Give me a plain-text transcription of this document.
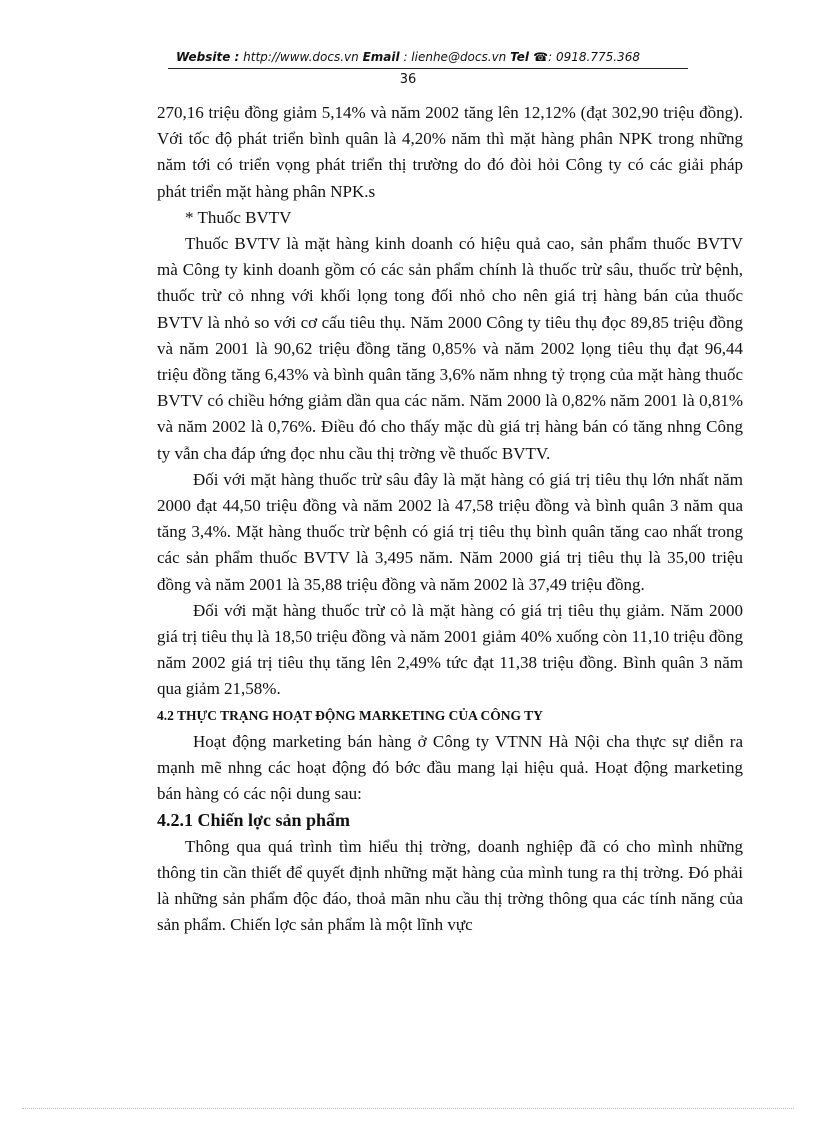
Website : http://www.docs.vn Email : lienhe@docs.vn Tel ☎: 0918.775.368
36

270,16 triệu đồng giảm 5,14% và năm 2002 tăng lên 12,12% (đạt 302,90 triệu đồng). Với tốc độ phát triển bình quân là 4,20% năm thì mặt hàng phân NPK trong những năm tới có triển vọng phát triển thị trường do đó đòi hỏi Công ty có các giải pháp phát triển mặt hàng phân NPK.s

* Thuốc BVTV

Thuốc BVTV là mặt hàng kinh doanh có hiệu quả cao, sản phẩm thuốc BVTV mà Công ty kinh doanh gồm có các sản phẩm chính là thuốc trừ sâu, thuốc trừ bệnh, thuốc trừ cỏ nhng với khối lọng tong đối nhỏ cho nên giá trị hàng bán của thuốc BVTV là nhỏ so với cơ cấu tiêu thụ. Năm 2000 Công ty tiêu thụ đọc 89,85 triệu đồng và năm 2001 là 90,62 triệu đồng tăng 0,85% và năm 2002 lọng tiêu thụ đạt 96,44 triệu đồng tăng 6,43% và bình quân tăng 3,6% năm nhng tỷ trọng của mặt hàng thuốc BVTV có chiều hớng giảm dần qua các năm. Năm 2000 là 0,82% năm 2001 là 0,81% và năm 2002 là 0,76%. Điều đó cho thấy mặc dù giá trị hàng bán có tăng nhng Công ty vẫn cha đáp ứng đọc nhu cầu thị trờng về thuốc BVTV.

Đối với mặt hàng thuốc trừ sâu đây là mặt hàng có giá trị tiêu thụ lớn nhất năm 2000 đạt 44,50 triệu đồng và năm 2002 là 47,58 triệu đồng và bình quân 3 năm qua tăng 3,4%. Mặt hàng thuốc trừ bệnh có giá trị tiêu thụ bình quân tăng cao nhất trong các sản phẩm thuốc BVTV là 3,495 năm. Năm 2000 giá trị tiêu thụ là 35,00 triệu đồng và năm 2001 là 35,88 triệu đồng và năm 2002 là 37,49 triệu đồng.

Đối với mặt hàng thuốc trừ cỏ là mặt hàng có giá trị tiêu thụ giảm. Năm 2000 giá trị tiêu thụ là 18,50 triệu đồng và năm 2001 giảm 40% xuống còn 11,10 triệu đồng năm 2002 giá trị tiêu thụ tăng lên 2,49% tức đạt 11,38 triệu đồng. Bình quân 3 năm qua giảm 21,58%.

4.2 THỰC TRẠNG HOẠT ĐỘNG MARKETING CỦA CÔNG TY

Hoạt động marketing bán hàng ở Công ty VTNN Hà Nội cha thực sự diễn ra mạnh mẽ nhng các hoạt động đó bớc đầu mang lại hiệu quả. Hoạt động marketing bán hàng có các nội dung sau:

4.2.1 Chiến lợc sản phẩm

Thông qua quá trình tìm hiểu thị trờng, doanh nghiệp đã có cho mình những thông tin cần thiết để quyết định những mặt hàng của mình tung ra thị trờng. Đó phải là những sản phẩm độc đáo, thoả mãn nhu cầu thị trờng thông qua các tính năng của sản phẩm. Chiến lợc sản phẩm là một lĩnh vực
